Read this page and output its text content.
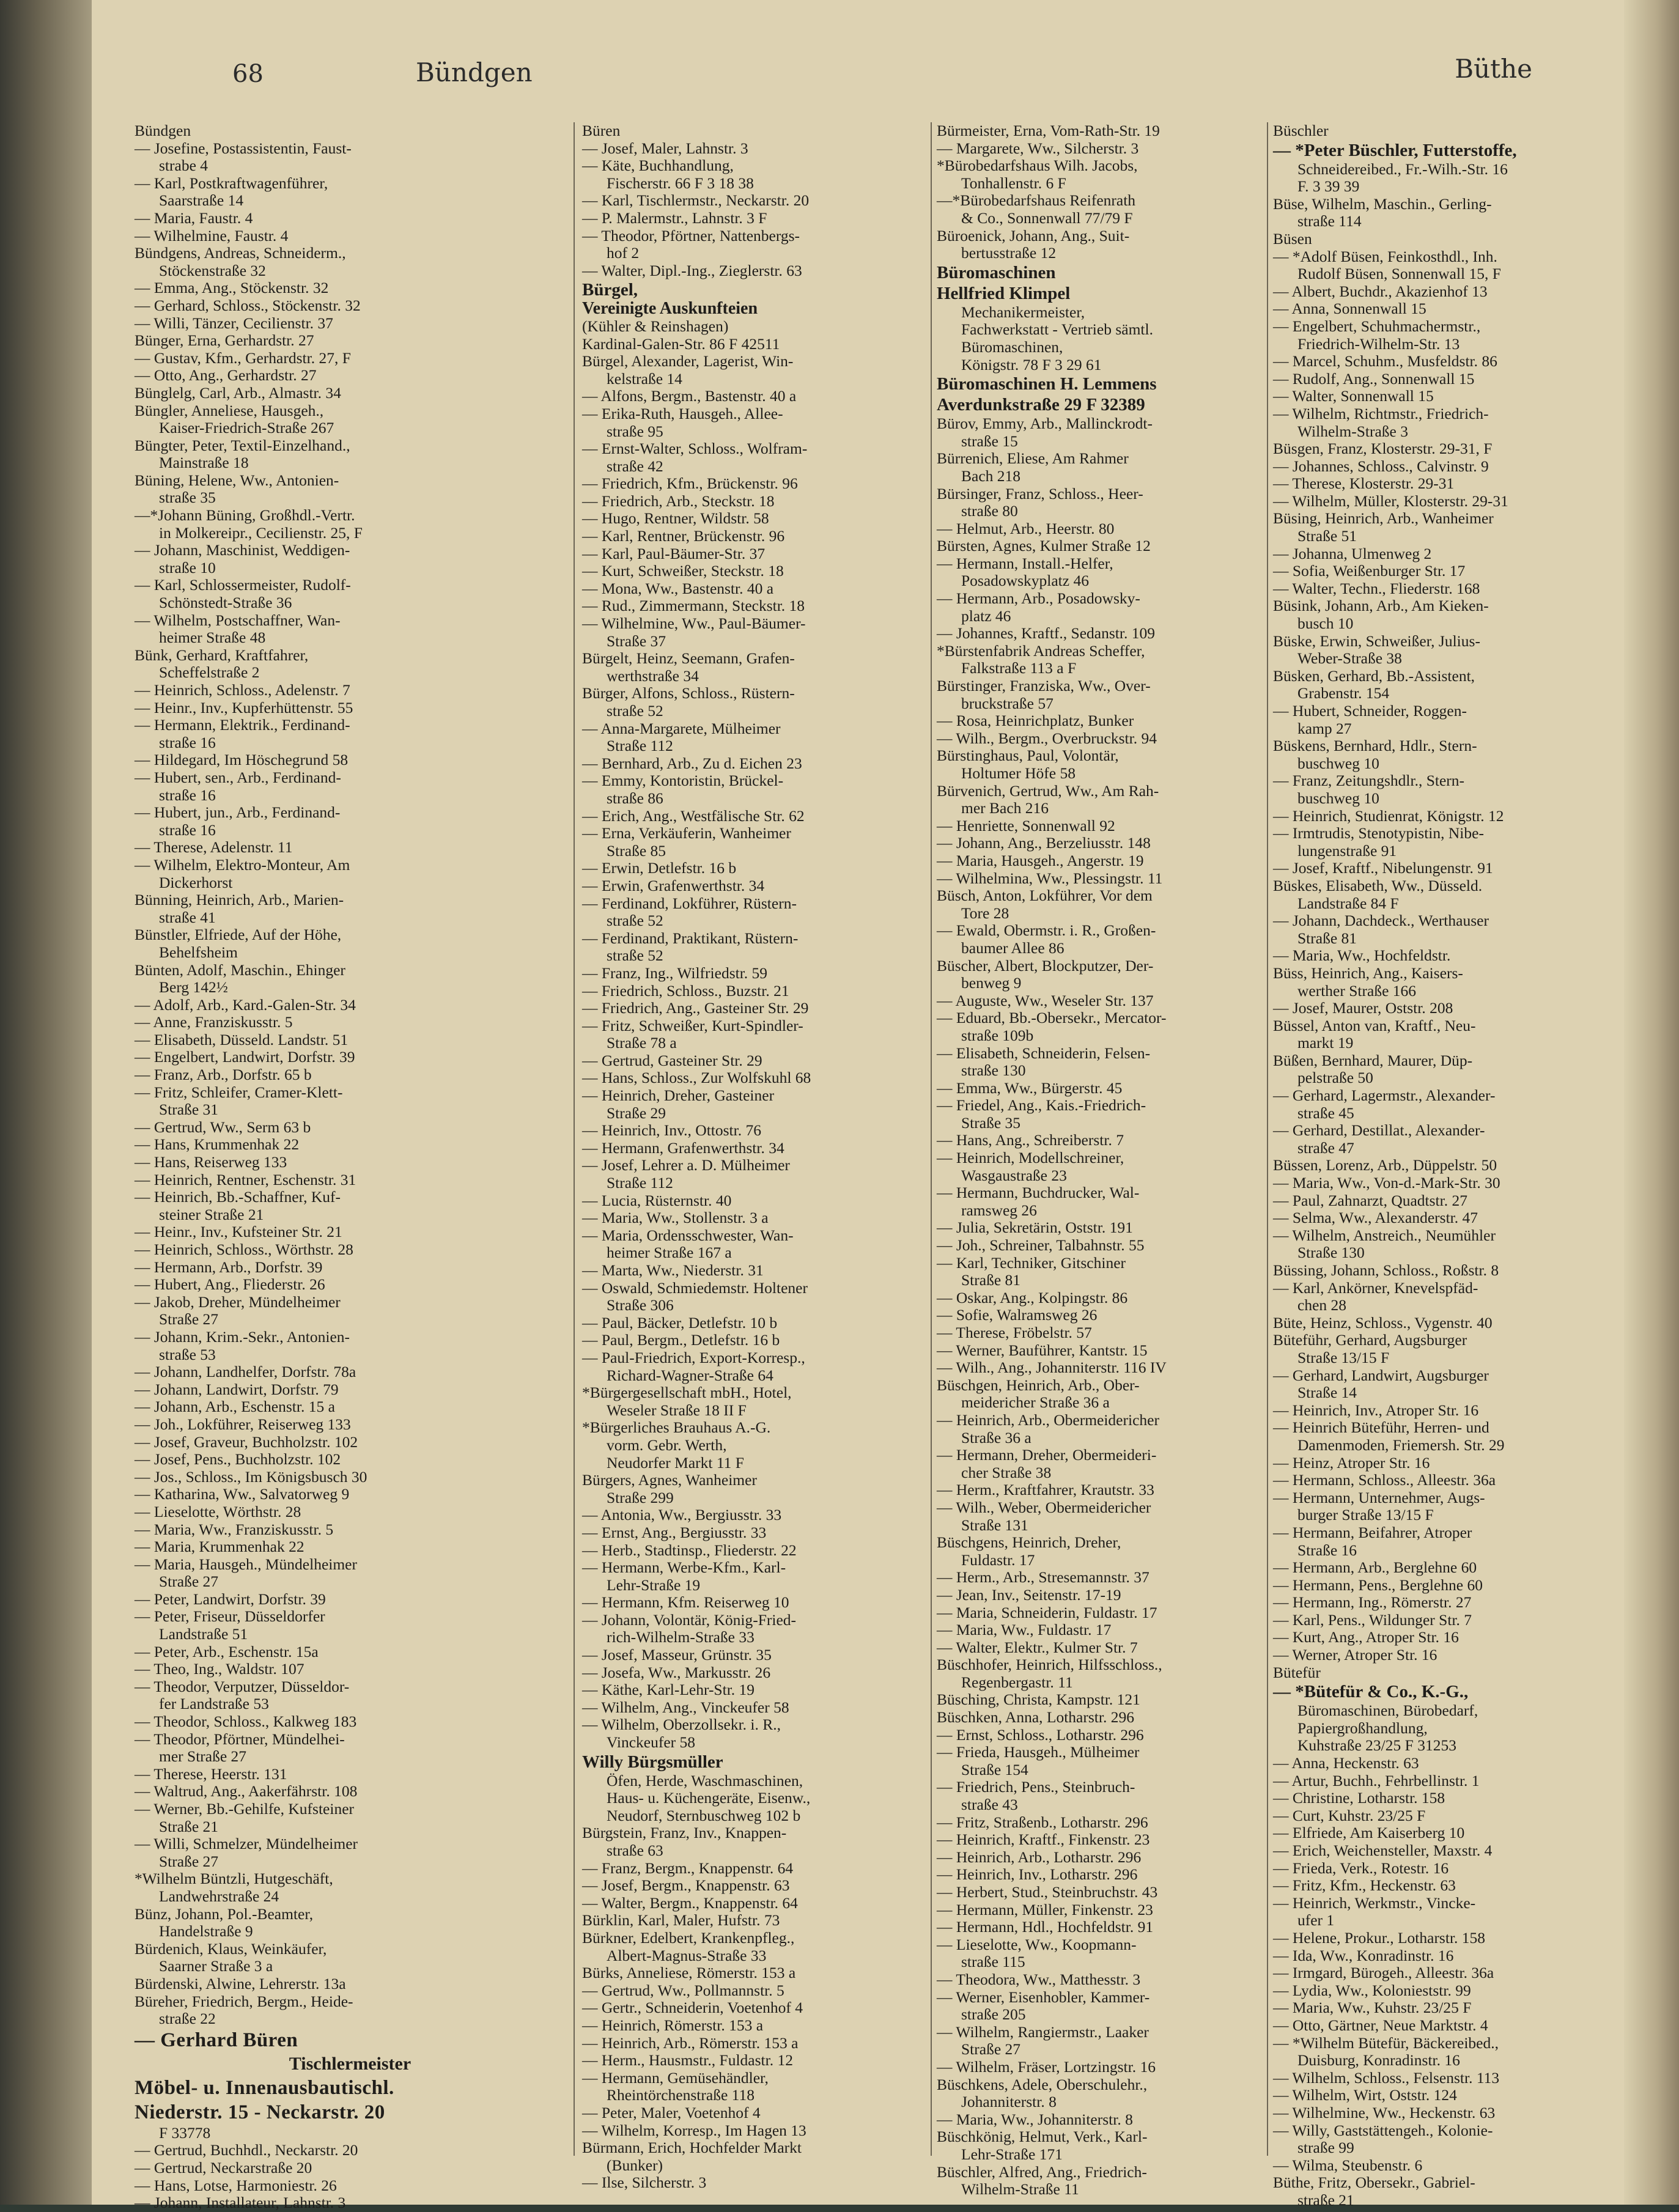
68	Bündgen	Büthe
Bündgen
— Josefine, Postassistentin, Faust-
strabe 4
— Karl, Postkraftwagenführer,
Saarstraße 14
— Maria, Faustr. 4
— Wilhelmine, Faustr. 4
Bündgens, Andreas, Schneiderm.,
Stöckenstraße 32
— Emma, Ang., Stöckenstr. 32
— Gerhard, Schloss., Stöckenstr. 32
— Willi, Tänzer, Cecilienstr. 37
Bünger, Erna, Gerhardstr. 27
— Gustav, Kfm., Gerhardstr. 27, F
— Otto, Ang., Gerhardstr. 27
Bünglelg, Carl, Arb., Almastr. 34
Büngler, Anneliese, Hausgeh.,
Kaiser-Friedrich-Straße 267
Büngter, Peter, Textil-Einzelhand.,
Mainstraße 18
Büning, Helene, Ww., Antonien-
straße 35
—*Johann Büning, Großhdl.-Vertr.
in Molkereipr., Cecilienstr. 25, F
— Johann, Maschinist, Weddigen-
straße 10
— Karl, Schlossermeister, Rudolf-
Schönstedt-Straße 36
— Wilhelm, Postschaffner, Wan-
heimer Straße 48
Bünk, Gerhard, Kraftfahrer,
Scheffelstraße 2
— Heinrich, Schloss., Adelenstr. 7
— Heinr., Inv., Kupferhüttenstr. 55
— Hermann, Elektrik., Ferdinand-
straße 16
— Hildegard, Im Höschegrund 58
— Hubert, sen., Arb., Ferdinand-
straße 16
— Hubert, jun., Arb., Ferdinand-
straße 16
— Therese, Adelenstr. 11
— Wilhelm, Elektro-Monteur, Am
Dickerhorst
Bünning, Heinrich, Arb., Marien-
straße 41
Bünstler, Elfriede, Auf der Höhe,
Behelfsheim
Bünten, Adolf, Maschin., Ehinger
Berg 142½
— Adolf, Arb., Kard.-Galen-Str. 34
— Anne, Franziskusstr. 5
— Elisabeth, Düsseld. Landstr. 51
— Engelbert, Landwirt, Dorfstr. 39
— Franz, Arb., Dorfstr. 65 b
— Fritz, Schleifer, Cramer-Klett-
Straße 31
— Gertrud, Ww., Serm 63 b
— Hans, Krummenhak 22
— Hans, Reiserweg 133
— Heinrich, Rentner, Eschenstr. 31
— Heinrich, Bb.-Schaffner, Kuf-
steiner Straße 21
— Heinr., Inv., Kufsteiner Str. 21
— Heinrich, Schloss., Wörthstr. 28
— Hermann, Arb., Dorfstr. 39
— Hubert, Ang., Fliederstr. 26
— Jakob, Dreher, Mündelheimer
Straße 27
— Johann, Krim.-Sekr., Antonien-
straße 53
— Johann, Landhelfer, Dorfstr. 78a
— Johann, Landwirt, Dorfstr. 79
— Johann, Arb., Eschenstr. 15 a
— Joh., Lokführer, Reiserweg 133
— Josef, Graveur, Buchholzstr. 102
— Josef, Pens., Buchholzstr. 102
— Jos., Schloss., Im Königsbusch 30
— Katharina, Ww., Salvatorweg 9
— Lieselotte, Wörthstr. 28
— Maria, Ww., Franziskusstr. 5
— Maria, Krummenhak 22
— Maria, Hausgeh., Mündelheimer
Straße 27
— Peter, Landwirt, Dorfstr. 39
— Peter, Friseur, Düsseldorfer
Landstraße 51
— Peter, Arb., Eschenstr. 15a
— Theo, Ing., Waldstr. 107
— Theodor, Verputzer, Düsseldor-
fer Landstraße 53
— Theodor, Schloss., Kalkweg 183
— Theodor, Pförtner, Mündelhei-
mer Straße 27
— Therese, Heerstr. 131
— Waltrud, Ang., Aakerfährstr. 108
— Werner, Bb.-Gehilfe, Kufsteiner
Straße 21
— Willi, Schmelzer, Mündelheimer
Straße 27
*Wilhelm Büntzli, Hutgeschäft,
Landwehrstraße 24
Bünz, Johann, Pol.-Beamter,
Handelstraße 9
Bürdenich, Klaus, Weinkäufer,
Saarner Straße 3 a
Bürdenski, Alwine, Lehrerstr. 13a
Büreher, Friedrich, Bergm., Heide-
straße 22
— Gerhard Büren
Tischlermeister
Möbel- u. Innenausbautischl.
Niederstr. 15 - Neckarstr. 20
F 33778
— Gertrud, Buchhdl., Neckarstr. 20
— Gertrud, Neckarstraße 20
— Hans, Lotse, Harmoniestr. 26
— Johann, Installateur, Lahnstr. 3
Büren
— Josef, Maler, Lahnstr. 3
— Käte, Buchhandlung,
Fischerstr. 66 F 3 18 38
— Karl, Tischlermstr., Neckarstr. 20
— P. Malermstr., Lahnstr. 3 F
— Theodor, Pförtner, Nattenbergs-
hof 2
— Walter, Dipl.-Ing., Zieglerstr. 63
Bürgel,
Vereinigte Auskunfteien
(Kühler & Reinshagen)
Kardinal-Galen-Str. 86 F 42511
Bürgel, Alexander, Lagerist, Win-
kelstraße 14
— Alfons, Bergm., Bastenstr. 40 a
— Erika-Ruth, Hausgeh., Allee-
straße 95
— Ernst-Walter, Schloss., Wolfram-
straße 42
— Friedrich, Kfm., Brückenstr. 96
— Friedrich, Arb., Steckstr. 18
— Hugo, Rentner, Wildstr. 58
— Karl, Rentner, Brückenstr. 96
— Karl, Paul-Bäumer-Str. 37
— Kurt, Schweißer, Steckstr. 18
— Mona, Ww., Bastenstr. 40 a
— Rud., Zimmermann, Steckstr. 18
— Wilhelmine, Ww., Paul-Bäumer-
Straße 37
Bürgelt, Heinz, Seemann, Grafen-
werthstraße 34
Bürger, Alfons, Schloss., Rüstern-
straße 52
— Anna-Margarete, Mülheimer
Straße 112
— Bernhard, Arb., Zu d. Eichen 23
— Emmy, Kontoristin, Brückel-
straße 86
— Erich, Ang., Westfälische Str. 62
— Erna, Verkäuferin, Wanheimer
Straße 85
— Erwin, Detlefstr. 16 b
— Erwin, Grafenwerthstr. 34
— Ferdinand, Lokführer, Rüstern-
straße 52
— Ferdinand, Praktikant, Rüstern-
straße 52
— Franz, Ing., Wilfriedstr. 59
— Friedrich, Schloss., Buzstr. 21
— Friedrich, Ang., Gasteiner Str. 29
— Fritz, Schweißer, Kurt-Spindler-
Straße 78 a
— Gertrud, Gasteiner Str. 29
— Hans, Schloss., Zur Wolfskuhl 68
— Heinrich, Dreher, Gasteiner
Straße 29
— Heinrich, Inv., Ottostr. 76
— Hermann, Grafenwerthstr. 34
— Josef, Lehrer a. D. Mülheimer
Straße 112
— Lucia, Rüsternstr. 40
— Maria, Ww., Stollenstr. 3 a
— Maria, Ordensschwester, Wan-
heimer Straße 167 a
— Marta, Ww., Niederstr. 31
— Oswald, Schmiedemstr. Holtener
Straße 306
— Paul, Bäcker, Detlefstr. 10 b
— Paul, Bergm., Detlefstr. 16 b
— Paul-Friedrich, Export-Korresp.,
Richard-Wagner-Straße 64
*Bürgergesellschaft mbH., Hotel,
Weseler Straße 18 II F
*Bürgerliches Brauhaus A.-G.
vorm. Gebr. Werth,
Neudorfer Markt 11 F
Bürgers, Agnes, Wanheimer
Straße 299
— Antonia, Ww., Bergiusstr. 33
— Ernst, Ang., Bergiusstr. 33
— Herb., Stadtinsp., Fliederstr. 22
— Hermann, Werbe-Kfm., Karl-
Lehr-Straße 19
— Hermann, Kfm. Reiserweg 10
— Johann, Volontär, König-Fried-
rich-Wilhelm-Straße 33
— Josef, Masseur, Grünstr. 35
— Josefa, Ww., Markusstr. 26
— Käthe, Karl-Lehr-Str. 19
— Wilhelm, Ang., Vinckeufer 58
— Wilhelm, Oberzollsekr. i. R.,
Vinckeufer 58
Willy Bürgsmüller
Öfen, Herde, Waschmaschinen,
Haus- u. Küchengeräte, Eisenw.,
Neudorf, Sternbuschweg 102 b
Bürgstein, Franz, Inv., Knappen-
straße 63
— Franz, Bergm., Knappenstr. 64
— Josef, Bergm., Knappenstr. 63
— Walter, Bergm., Knappenstr. 64
Bürklin, Karl, Maler, Hufstr. 73
Bürkner, Edelbert, Krankenpfleg.,
Albert-Magnus-Straße 33
Bürks, Anneliese, Römerstr. 153 a
— Gertrud, Ww., Pollmannstr. 5
— Gertr., Schneiderin, Voetenhof 4
— Heinrich, Römerstr. 153 a
— Heinrich, Arb., Römerstr. 153 a
— Herm., Hausmstr., Fuldastr. 12
— Hermann, Gemüsehändler,
Rheintörchenstraße 118
— Peter, Maler, Voetenhof 4
— Wilhelm, Korresp., Im Hagen 13
Bürmann, Erich, Hochfelder Markt
(Bunker)
— Ilse, Silcherstr. 3
Bürmeister, Erna, Vom-Rath-Str. 19
— Margarete, Ww., Silcherstr. 3
*Bürobedarfshaus Wilh. Jacobs,
Tonhallenstr. 6 F
—*Bürobedarfshaus Reifenrath
& Co., Sonnenwall 77/79 F
Büroenick, Johann, Ang., Suit-
bertusstraße 12
Büromaschinen
Hellfried Klimpel
Mechanikermeister,
Fachwerkstatt - Vertrieb sämtl.
Büromaschinen,
Königstr. 78 F 3 29 61
Büromaschinen H. Lemmens
Averdunkstraße 29 F 32389
Bürov, Emmy, Arb., Mallinckrodt-
straße 15
Bürrenich, Eliese, Am Rahmer
Bach 218
Bürsinger, Franz, Schloss., Heer-
straße 80
— Helmut, Arb., Heerstr. 80
Bürsten, Agnes, Kulmer Straße 12
— Hermann, Install.-Helfer,
Posadowskyplatz 46
— Hermann, Arb., Posadowsky-
platz 46
— Johannes, Kraftf., Sedanstr. 109
*Bürstenfabrik Andreas Scheffer,
Falkstraße 113 a F
Bürstinger, Franziska, Ww., Over-
bruckstraße 57
— Rosa, Heinrichplatz, Bunker
— Wilh., Bergm., Overbruckstr. 94
Bürstinghaus, Paul, Volontär,
Holtumer Höfe 58
Bürvenich, Gertrud, Ww., Am Rah-
mer Bach 216
— Henriette, Sonnenwall 92
— Johann, Ang., Berzeliusstr. 148
— Maria, Hausgeh., Angerstr. 19
— Wilhelmina, Ww., Plessingstr. 11
Büsch, Anton, Lokführer, Vor dem
Tore 28
— Ewald, Obermstr. i. R., Großen-
baumer Allee 86
Büscher, Albert, Blockputzer, Der-
benweg 9
— Auguste, Ww., Weseler Str. 137
— Eduard, Bb.-Obersekr., Mercator-
straße 109b
— Elisabeth, Schneiderin, Felsen-
straße 130
— Emma, Ww., Bürgerstr. 45
— Friedel, Ang., Kais.-Friedrich-
Straße 35
— Hans, Ang., Schreiberstr. 7
— Heinrich, Modellschreiner,
Wasgaustraße 23
— Hermann, Buchdrucker, Wal-
ramsweg 26
— Julia, Sekretärin, Oststr. 191
— Joh., Schreiner, Talbahnstr. 55
— Karl, Techniker, Gitschiner
Straße 81
— Oskar, Ang., Kolpingstr. 86
— Sofie, Walramsweg 26
— Therese, Fröbelstr. 57
— Werner, Bauführer, Kantstr. 15
— Wilh., Ang., Johanniterstr. 116 IV
Büschgen, Heinrich, Arb., Ober-
meidericher Straße 36 a
— Heinrich, Arb., Obermeidericher
Straße 36 a
— Hermann, Dreher, Obermeideri-
cher Straße 38
— Herm., Kraftfahrer, Krautstr. 33
— Wilh., Weber, Obermeidericher
Straße 131
Büschgens, Heinrich, Dreher,
Fuldastr. 17
— Herm., Arb., Stresemannstr. 37
— Jean, Inv., Seitenstr. 17-19
— Maria, Schneiderin, Fuldastr. 17
— Maria, Ww., Fuldastr. 17
— Walter, Elektr., Kulmer Str. 7
Büschhofer, Heinrich, Hilfsschloss.,
Regenbergastr. 11
Büsching, Christa, Kampstr. 121
Büschken, Anna, Lotharstr. 296
— Ernst, Schloss., Lotharstr. 296
— Frieda, Hausgeh., Mülheimer
Straße 154
— Friedrich, Pens., Steinbruch-
straße 43
— Fritz, Straßenb., Lotharstr. 296
— Heinrich, Kraftf., Finkenstr. 23
— Heinrich, Arb., Lotharstr. 296
— Heinrich, Inv., Lotharstr. 296
— Herbert, Stud., Steinbruchstr. 43
— Hermann, Müller, Finkenstr. 23
— Hermann, Hdl., Hochfeldstr. 91
— Lieselotte, Ww., Koopmann-
straße 115
— Theodora, Ww., Matthesstr. 3
— Werner, Eisenhobler, Kammer-
straße 205
— Wilhelm, Rangiermstr., Laaker
Straße 27
— Wilhelm, Fräser, Lortzingstr. 16
Büschkens, Adele, Oberschulehr.,
Johanniterstr. 8
— Maria, Ww., Johanniterstr. 8
Büschkönig, Helmut, Verk., Karl-
Lehr-Straße 171
Büschler, Alfred, Ang., Friedrich-
Wilhelm-Straße 11
Büschler
— *Peter Büschler, Futterstoffe,
Schneidereibed., Fr.-Wilh.-Str. 16
F. 3 39 39
Büse, Wilhelm, Maschin., Gerling-
straße 114
Büsen
— *Adolf Büsen, Feinkosthdl., Inh.
Rudolf Büsen, Sonnenwall 15, F
— Albert, Buchdr., Akazienhof 13
— Anna, Sonnenwall 15
— Engelbert, Schuhmachermstr.,
Friedrich-Wilhelm-Str. 13
— Marcel, Schuhm., Musfeldstr. 86
— Rudolf, Ang., Sonnenwall 15
— Walter, Sonnenwall 15
— Wilhelm, Richtmstr., Friedrich-
Wilhelm-Straße 3
Büsgen, Franz, Klosterstr. 29-31, F
— Johannes, Schloss., Calvinstr. 9
— Therese, Klosterstr. 29-31
— Wilhelm, Müller, Klosterstr. 29-31
Büsing, Heinrich, Arb., Wanheimer
Straße 51
— Johanna, Ulmenweg 2
— Sofia, Weißenburger Str. 17
— Walter, Techn., Fliederstr. 168
Büsink, Johann, Arb., Am Kieken-
busch 10
Büske, Erwin, Schweißer, Julius-
Weber-Straße 38
Büsken, Gerhard, Bb.-Assistent,
Grabenstr. 154
— Hubert, Schneider, Roggen-
kamp 27
Büskens, Bernhard, Hdlr., Stern-
buschweg 10
— Franz, Zeitungshdlr., Stern-
buschweg 10
— Heinrich, Studienrat, Königstr. 12
— Irmtrudis, Stenotypistin, Nibe-
lungenstraße 91
— Josef, Kraftf., Nibelungenstr. 91
Büskes, Elisabeth, Ww., Düsseld.
Landstraße 84 F
— Johann, Dachdeck., Werthauser
Straße 81
— Maria, Ww., Hochfeldstr.
Büss, Heinrich, Ang., Kaisers-
werther Straße 166
— Josef, Maurer, Oststr. 208
Büssel, Anton van, Kraftf., Neu-
markt 19
Büßen, Bernhard, Maurer, Düp-
pelstraße 50
— Gerhard, Lagermstr., Alexander-
straße 45
— Gerhard, Destillat., Alexander-
straße 47
Büssen, Lorenz, Arb., Düppelstr. 50
— Maria, Ww., Von-d.-Mark-Str. 30
— Paul, Zahnarzt, Quadtstr. 27
— Selma, Ww., Alexanderstr. 47
— Wilhelm, Anstreich., Neumühler
Straße 130
Büssing, Johann, Schloss., Roßstr. 8
— Karl, Ankörner, Knevelspfäd-
chen 28
Büte, Heinz, Schloss., Vygenstr. 40
Büteführ, Gerhard, Augsburger
Straße 13/15 F
— Gerhard, Landwirt, Augsburger
Straße 14
— Heinrich, Inv., Atroper Str. 16
— Heinrich Büteführ, Herren- und
Damenmoden, Friemersh. Str. 29
— Heinz, Atroper Str. 16
— Hermann, Schloss., Alleestr. 36a
— Hermann, Unternehmer, Augs-
burger Straße 13/15 F
— Hermann, Beifahrer, Atroper
Straße 16
— Hermann, Arb., Berglehne 60
— Hermann, Pens., Berglehne 60
— Hermann, Ing., Römerstr. 27
— Karl, Pens., Wildunger Str. 7
— Kurt, Ang., Atroper Str. 16
— Werner, Atroper Str. 16
Bütefür
— *Bütefür & Co., K.-G.,
Büromaschinen, Bürobedarf,
Papiergroßhandlung,
Kuhstraße 23/25 F 31253
— Anna, Heckenstr. 63
— Artur, Buchh., Fehrbellinstr. 1
— Christine, Lotharstr. 158
— Curt, Kuhstr. 23/25 F
— Elfriede, Am Kaiserberg 10
— Erich, Weichensteller, Maxstr. 4
— Frieda, Verk., Rotestr. 16
— Fritz, Kfm., Heckenstr. 63
— Heinrich, Werkmstr., Vincke-
ufer 1
— Helene, Prokur., Lotharstr. 158
— Ida, Ww., Konradinstr. 16
— Irmgard, Bürogeh., Alleestr. 36a
— Lydia, Ww., Kolonieststr. 99
— Maria, Ww., Kuhstr. 23/25 F
— Otto, Gärtner, Neue Marktstr. 4
— *Wilhelm Bütefür, Bäckereibed.,
Duisburg, Konradinstr. 16
— Wilhelm, Schloss., Felsenstr. 113
— Wilhelm, Wirt, Oststr. 124
— Wilhelmine, Ww., Heckenstr. 63
— Willy, Gaststättengeh., Kolonie-
straße 99
— Wilma, Steubenstr. 6
Büthe, Fritz, Obersekr., Gabriel-
straße 21
